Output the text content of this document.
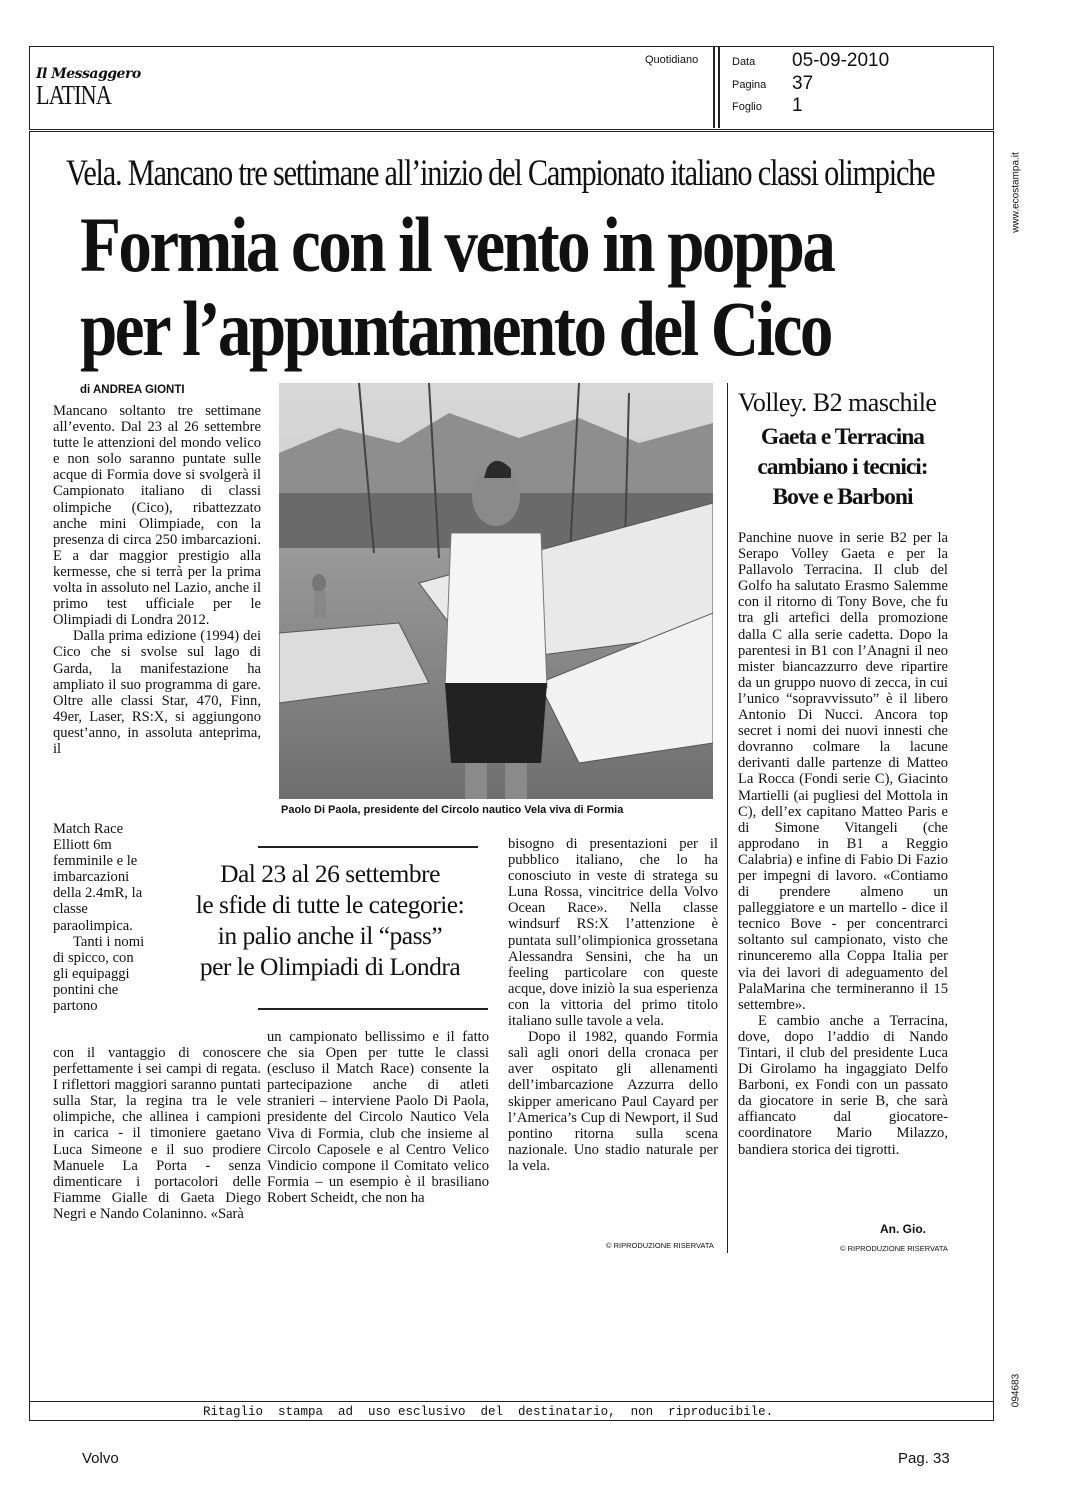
Il Messaggero
LATINA
Quotidiano	Data 05-09-2010
Pagina 37
Foglio 1
Vela. Mancano tre settimane all’inizio del Campionato italiano classi olimpiche
Formia con il vento in poppa
per l’appuntamento del Cico
di ANDREA GIONTI

Mancano soltanto tre settimane all’evento. Dal 23 al 26 settembre tutte le attenzioni del mondo velico e non solo saranno puntate sulle acque di Formia dove si svolgerà il Campionato italiano di classi olimpiche (Cico), ribattezzato anche mini Olimpiade, con la presenza di circa 250 imbarcazioni. E a dar maggior prestigio alla kermesse, che si terrà per la prima volta in assoluto nel Lazio, anche il primo test ufficiale per le Olimpiadi di Londra 2012.

Dalla prima edizione (1994) dei Cico che si svolse sul lago di Garda, la manifestazione ha ampliato il suo programma di gare. Oltre alle classi Star, 470, Finn, 49er, Laser, RS:X, si aggiungono quest’anno, in assoluta anteprima, il

Match Race Elliott 6m femminile e le imbarcazioni della 2.4mR, la classe paraolimpica.

Tanti i nomi di spicco, con gli equipaggi pontini che partono

con il vantaggio di conoscere perfettamente i sei campi di regata. I riflettori maggiori saranno puntati sulla Star, la regina tra le vele olimpiche, che allinea i campioni in carica - il timoniere gaetano Luca Simeone e il suo prodiere Manuele La Porta - senza dimenticare i portacolori delle Fiamme Gialle di Gaeta Diego Negri e Nando Colaninno. «Sarà

Paolo Di Paola, presidente del Circolo nautico Vela viva di Formia
Dal 23 al 26 settembre
le sfide di tutte le categorie:
in palio anche il “pass”
per le Olimpiadi di Londra

un campionato bellissimo e il fatto che sia Open per tutte le classi (escluso il Match Race) consente la partecipazione anche di atleti stranieri – interviene Paolo Di Paola, presidente del Circolo Nautico Vela Viva di Formia, club che insieme al Circolo Caposele e al Centro Velico Vindicio compone il Comitato velico Formia – un esempio è il brasiliano Robert Scheidt, che non ha

bisogno di presentazioni per il pubblico italiano, che lo ha conosciuto in veste di stratega su Luna Rossa, vincitrice della Volvo Ocean Race». Nella classe windsurf RS:X l’attenzione è puntata sull’olimpionica grossetana Alessandra Sensini, che ha un feeling particolare con queste acque, dove iniziò la sua esperienza con la vittoria del primo titolo italiano sulle tavole a vela.

Dopo il 1982, quando Formia salì agli onori della cronaca per aver ospitato gli allenamenti dell’imbarcazione Azzurra dello skipper americano Paul Cayard per l’America’s Cup di Newport, il Sud pontino ritorna sulla scena nazionale. Uno stadio naturale per la vela.

© RIPRODUZIONE RISERVATA
Volley. B2 maschile
Gaeta e Terracina
cambiano i tecnici:
Bove e Barboni

Panchine nuove in serie B2 per la Serapo Volley Gaeta e per la Pallavolo Terracina. Il club del Golfo ha salutato Erasmo Salemme con il ritorno di Tony Bove, che fu tra gli artefici della promozione dalla C alla serie cadetta. Dopo la parentesi in B1 con l’Anagni il neo mister biancazzurro deve ripartire da un gruppo nuovo di zecca, in cui l’unico “sopravvissuto” è il libero Antonio Di Nucci. Ancora top secret i nomi dei nuovi innesti che dovranno colmare la lacune derivanti dalle partenze di Matteo La Rocca (Fondi serie C), Giacinto Martielli (ai pugliesi del Mottola in C), dell’ex capitano Matteo Paris e di Simone Vitangeli (che approdano in B1 a Reggio Calabria) e infine di Fabio Di Fazio per impegni di lavoro. «Contiamo di prendere almeno un palleggiatore e un martello - dice il tecnico Bove - per concentrarci soltanto sul campionato, visto che rinunceremo alla Coppa Italia per via dei lavori di adeguamento del PalaMarina che termineranno il 15 settembre».

E cambio anche a Terracina, dove, dopo l’addio di Nando Tintari, il club del presidente Luca Di Girolamo ha ingaggiato Delfo Barboni, ex Fondi con un passato da giocatore in serie B, che sarà affiancato dal giocatore-coordinatore Mario Milazzo, bandiera storica dei tigrotti.

An. Gio.
© RIPRODUZIONE RISERVATA
www.ecostampa.it
094683
Ritaglio  stampa  ad  uso esclusivo  del  destinatario,  non  riproducibile.
Volvo	Pag. 33
